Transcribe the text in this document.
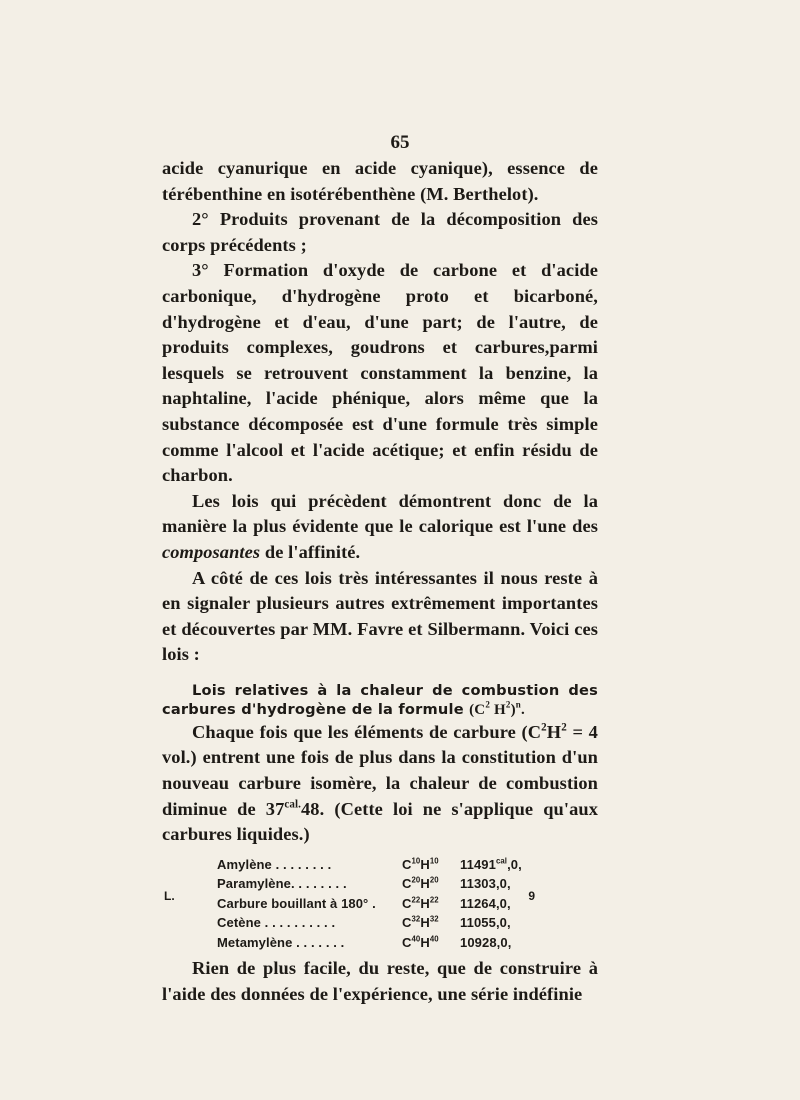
65

acide cyanurique en acide cyanique), essence de térébenthine en isotérébenthène (M. Berthelot).

2° Produits provenant de la décomposition des corps précédents ;

3° Formation d'oxyde de carbone et d'acide carbonique, d'hydrogène proto et bicarboné, d'hydrogène et d'eau, d'une part; de l'autre, de produits complexes, goudrons et carbures,parmi lesquels se retrouvent constamment la benzine, la naphtaline, l'acide phénique, alors même que la substance décomposée est d'une formule très simple comme l'alcool et l'acide acétique; et enfin résidu de charbon.

Les lois qui précèdent démontrent donc de la manière la plus évidente que le calorique est l'une des composantes de l'affinité.

A côté de ces lois très intéressantes il nous reste à en signaler plusieurs autres extrêmement importantes et découvertes par MM. Favre et Silbermann. Voici ces lois :

Lois relatives à la chaleur de combustion des carbures d'hydrogène de la formule ($C^2$ $H^2)^n$.

Chaque fois que les éléments de carbure ($C^2H^2 = 4$ vol.) entrent une fois de plus dans la constitution d'un nouveau carbure isomère, la chaleur de combustion diminue de $37^{cal.}48$. (Cette loi ne s'applique qu'aux carbures liquides.)

Amylène . . . . . . . .	$C^{10}H^{10}$	$11491^{cal},0$,
Paramylène. . . . . . . .	$C^{20}H^{20}$	11303,0,
Carbure bouillant à 180° .	$C^{22}H^{22}$	11264,0,
Cetène . . . . . . . . . .	$C^{32}H^{32}$	11055,0,
Metamylène . . . . . . .	$C^{40}H^{40}$	10928,0,

Rien de plus facile, du reste, que de construire à l'aide des données de l'expérience, une série indéfinie

L.	9
